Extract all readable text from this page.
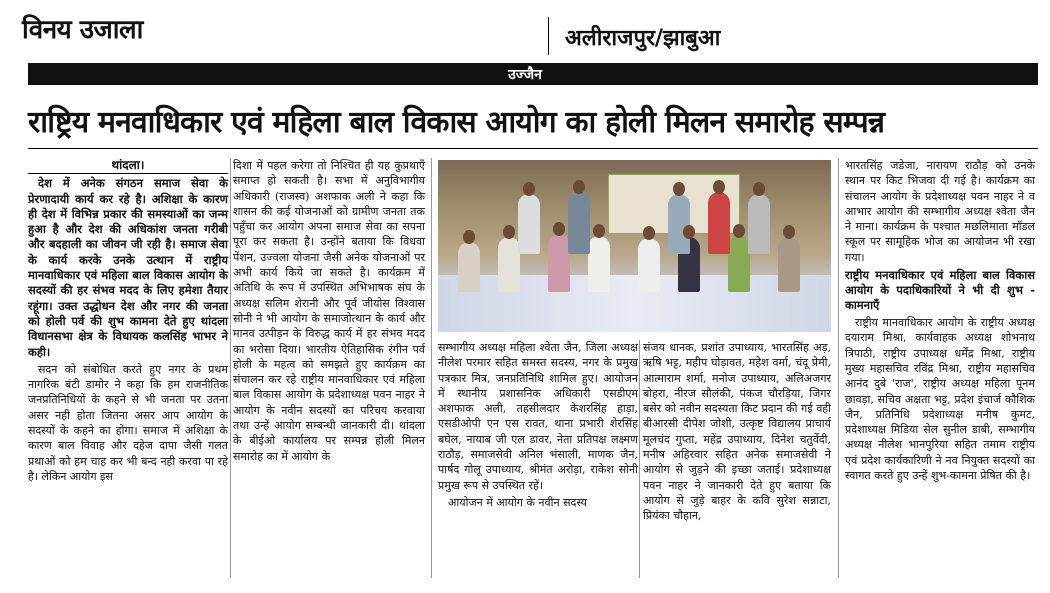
विनय उजाला	अलीराजपुर/झाबुआ
उज्जैन
राष्ट्रिय मनवाधिकार एवं महिला बाल विकास आयोग का होली मिलन समारोह सम्पन्न
थांदला।

देश में अनेक संगठन समाज सेवा के प्रेरणादायी कार्य कर रहे है। अशिक्षा के कारण ही देश में विभिन्न प्रकार की समस्याओं का जन्म हुआ है और देश की अधिकांश जनता गरीबी और बदहाली का जीवन जी रही है। समाज सेवा के कार्य करके उनके उत्थान में राष्ट्रीय मानवाधिकार एवं महिला बाल विकास आयोग के सदस्यों की हर संभव मदद के लिए हमेशा तैयार रहूंगा। उक्त उद्धोधन देश और नगर की जनता को होली पर्व की शुभ कामना देते हुए थांदला विधानसभा क्षेत्र के विधायक कलसिंह भाभर ने कही।

सदन को संबोधित करते हुए नगर के प्रथम नागरिक बंटी डामोर ने कहा कि हम राजनीतिक जनप्रतिनिधियों के कहने से भी जनता पर उतना असर नही होता जितना असर आप आयोग के सदस्यों के कहने का होगा। समाज में अशिक्षा के कारण बाल विवाह और दहेज दापा जैसी गलत प्रथाओं को हम चाह कर भी बन्द नही करवा पा रहे है। लेकिन आयोग इस

दिशा में पहल करेगा तो निश्चित ही यह कुप्रथाएँ समाप्त हो सकती है। सभा में अनुविभागीय अधिकारी (राजस्व) अशफाक अली ने कहा कि शासन की कई योजनाओं को ग्रामीण जनता तक पहुँचा कर आयोग अपना समाज सेवा का सपना पूरा कर सकता है। उन्होंने बताया कि विधवा पेंशन, उज्वला योजना जैसी अनेक योजनाओं पर अभी कार्य किये जा सकते है। कार्यक्रम में अतिथि के रूप में उपस्थित अभिभाषक संघ के अध्यक्ष सलिम शेरानी और पूर्व जीयोस विश्वास सोनी ने भी आयोग के समाजोत्थान के कार्य और मानव उत्पीड़न के विरुद्ध कार्य में हर संभव मदद का भरोसा दिया। भारतीय ऐतिहासिक रंगीन पर्व होली के महत्व को समझते हुए कार्यक्रम का संचालन कर रहे राष्ट्रीय मानवाधिकार एवं महिला बाल विकास आयोग के प्रदेशाध्यक्ष पवन नाहर ने आयोग के नवीन सदस्यों का परिचय करवाया तथा उन्हें आयोग सम्बन्धी जानकारी दी। थांदला के बीईओ कार्यालय पर सम्पन्न होली मिलन समारोह का में आयोग के

सम्भागीय अध्यक्ष महिला श्वेता जैन, जिला अध्यक्ष नीलेश परमार सहित समस्त सदस्य, नगर के प्रमुख पत्रकार मित्र, जनप्रतिनिधि शामिल हुए। आयोजन में स्थानीय प्रशासनिक अधिकारी एसडीएम अशफाक अली, तहसीलदार केशरसिंह हाड़ा, एसडीओपी एन एस रावत, थाना प्रभारी शेरसिंह बघेल, नायाब जी एल डावर, नेता प्रतिपक्ष लक्ष्मण राठौड़, समाजसेवी अनिल भंसाली, माणक जैन, पार्षद गोलू उपाध्याय, श्रीमंत अरोड़ा, राकेश सोनी प्रमुख रूप से उपस्थित रहें।

आयोजन में आयोग के नवीन सदस्य

संजय धानक, प्रशांत उपाध्याय, भारतसिंह अड़, ऋषि भट्ट, महीप घोड़ावत, महेश वर्मा, चंदू प्रेमी, आत्माराम शर्मा, मनोज उपाध्याय, अलिअजगर बोहरा, नीरज सौलंकी, पंकज चौरड़िया, जिगर बसेर को नवीन सदस्यता किट प्रदान की गई वही बीआरसी दीपेश जोशी, उत्कृष्ट विद्यालय प्राचार्य मूलचंद गुप्ता, महेंद्र उपाध्याय, दिनेश चतुर्वेदी, मनीष अहिरवार सहित अनेक समाजसेवी ने आयोग से जुड़ने की इच्छा जताई। प्रदेशाध्यक्ष पवन नाहर ने जानकारी देते हुए बताया कि आयोग से जुड़े बाहर के कवि सुरेश सन्नाटा, प्रियंका चौहान,

भारतसिंह जडेजा, नारायण राठौड़ को उनके स्थान पर किट भिजवा दी गई है। कार्यक्रम का संचालन आयोग के प्रदेशाध्यक्ष पवन नाहर ने व आभार आयोग की सम्भागीय अध्यक्ष श्वेता जैन ने माना। कार्यक्रम के पश्चात मछलिमाता मॉडल स्कूल पर सामूहिक भोज का आयोजन भी रखा गया।

राष्ट्रीय मनवाधिकार एवं महिला बाल विकास आयोग के पदाधिकारियों ने भी दी शुभ - कामनाएँ

राष्ट्रीय मानवाधिकार आयोग के राष्ट्रीय अध्यक्ष दयाराम मिश्रा, कार्यवाहक अध्यक्ष शोभनाथ त्रिपाठी, राष्ट्रीय उपाध्यक्ष धर्मेंद्र मिश्रा, राष्ट्रीय मुख्य महासचिव रविंद्र मिश्रा, राष्ट्रीय महासचिव आनंद दुबे 'राज', राष्ट्रीय अध्यक्ष महिला पूनम छावड़ा, सचिव अक्षता भट्ट, प्रदेश इंचार्ज कौशिक जैन, प्रतिनिधि प्रदेशाध्यक्ष मनीष कुमट, प्रदेशाध्यक्ष मिडिया सेल सुनील डाबी, सम्भागीय अध्यक्ष नीलेश भानपुरिया सहित तमाम राष्ट्रीय एवं प्रदेश कार्यकारिणी ने नव नियुक्त सदस्यों का स्वागत करते हुए उन्हें शुभ-कामना प्रेषित की है।
